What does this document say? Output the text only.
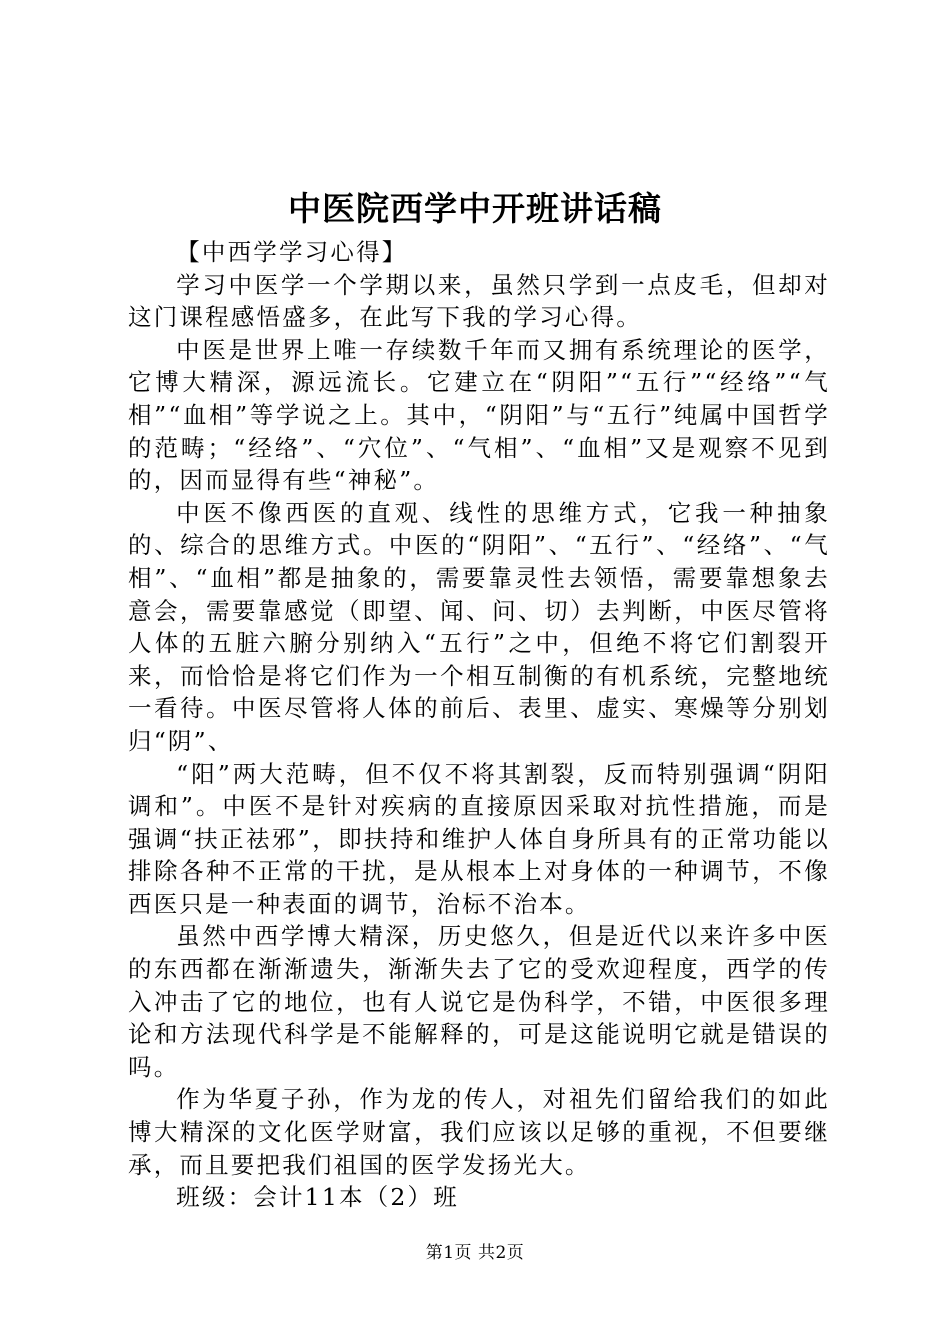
中医院西学中开班讲话稿

【中西学学习心得】

学习中医学一个学期以来，虽然只学到一点皮毛，但却对这门课程感悟盛多，在此写下我的学习心得。

中医是世界上唯一存续数千年而又拥有系统理论的医学，它博大精深，源远流长。它建立在“阴阳”“五行”“经络”“气相”“血相”等学说之上。其中，“阴阳”与“五行”纯属中国哲学的范畴；“经络”、“穴位”、“气相”、“血相”又是观察不见到的，因而显得有些“神秘”。

中医不像西医的直观、线性的思维方式，它我一种抽象的、综合的思维方式。中医的“阴阳”、“五行”、“经络”、“气相”、“血相”都是抽象的，需要靠灵性去领悟，需要靠想象去意会，需要靠感觉（即望、闻、问、切）去判断，中医尽管将人体的五脏六腑分别纳入“五行”之中，但绝不将它们割裂开来，而恰恰是将它们作为一个相互制衡的有机系统，完整地统一看待。中医尽管将人体的前后、表里、虚实、寒燥等分别划归“阴”、

“阳”两大范畴，但不仅不将其割裂，反而特别强调“阴阳调和”。中医不是针对疾病的直接原因采取对抗性措施，而是强调“扶正祛邪”，即扶持和维护人体自身所具有的正常功能以排除各种不正常的干扰，是从根本上对身体的一种调节，不像西医只是一种表面的调节，治标不治本。

虽然中西学博大精深，历史悠久，但是近代以来许多中医的东西都在渐渐遗失，渐渐失去了它的受欢迎程度，西学的传入冲击了它的地位，也有人说它是伪科学，不错，中医很多理论和方法现代科学是不能解释的，可是这能说明它就是错误的吗。

作为华夏子孙，作为龙的传人，对祖先们留给我们的如此博大精深的文化医学财富，我们应该以足够的重视，不但要继承，而且要把我们祖国的医学发扬光大。

班级：会计11本（2）班

第1页 共2页
